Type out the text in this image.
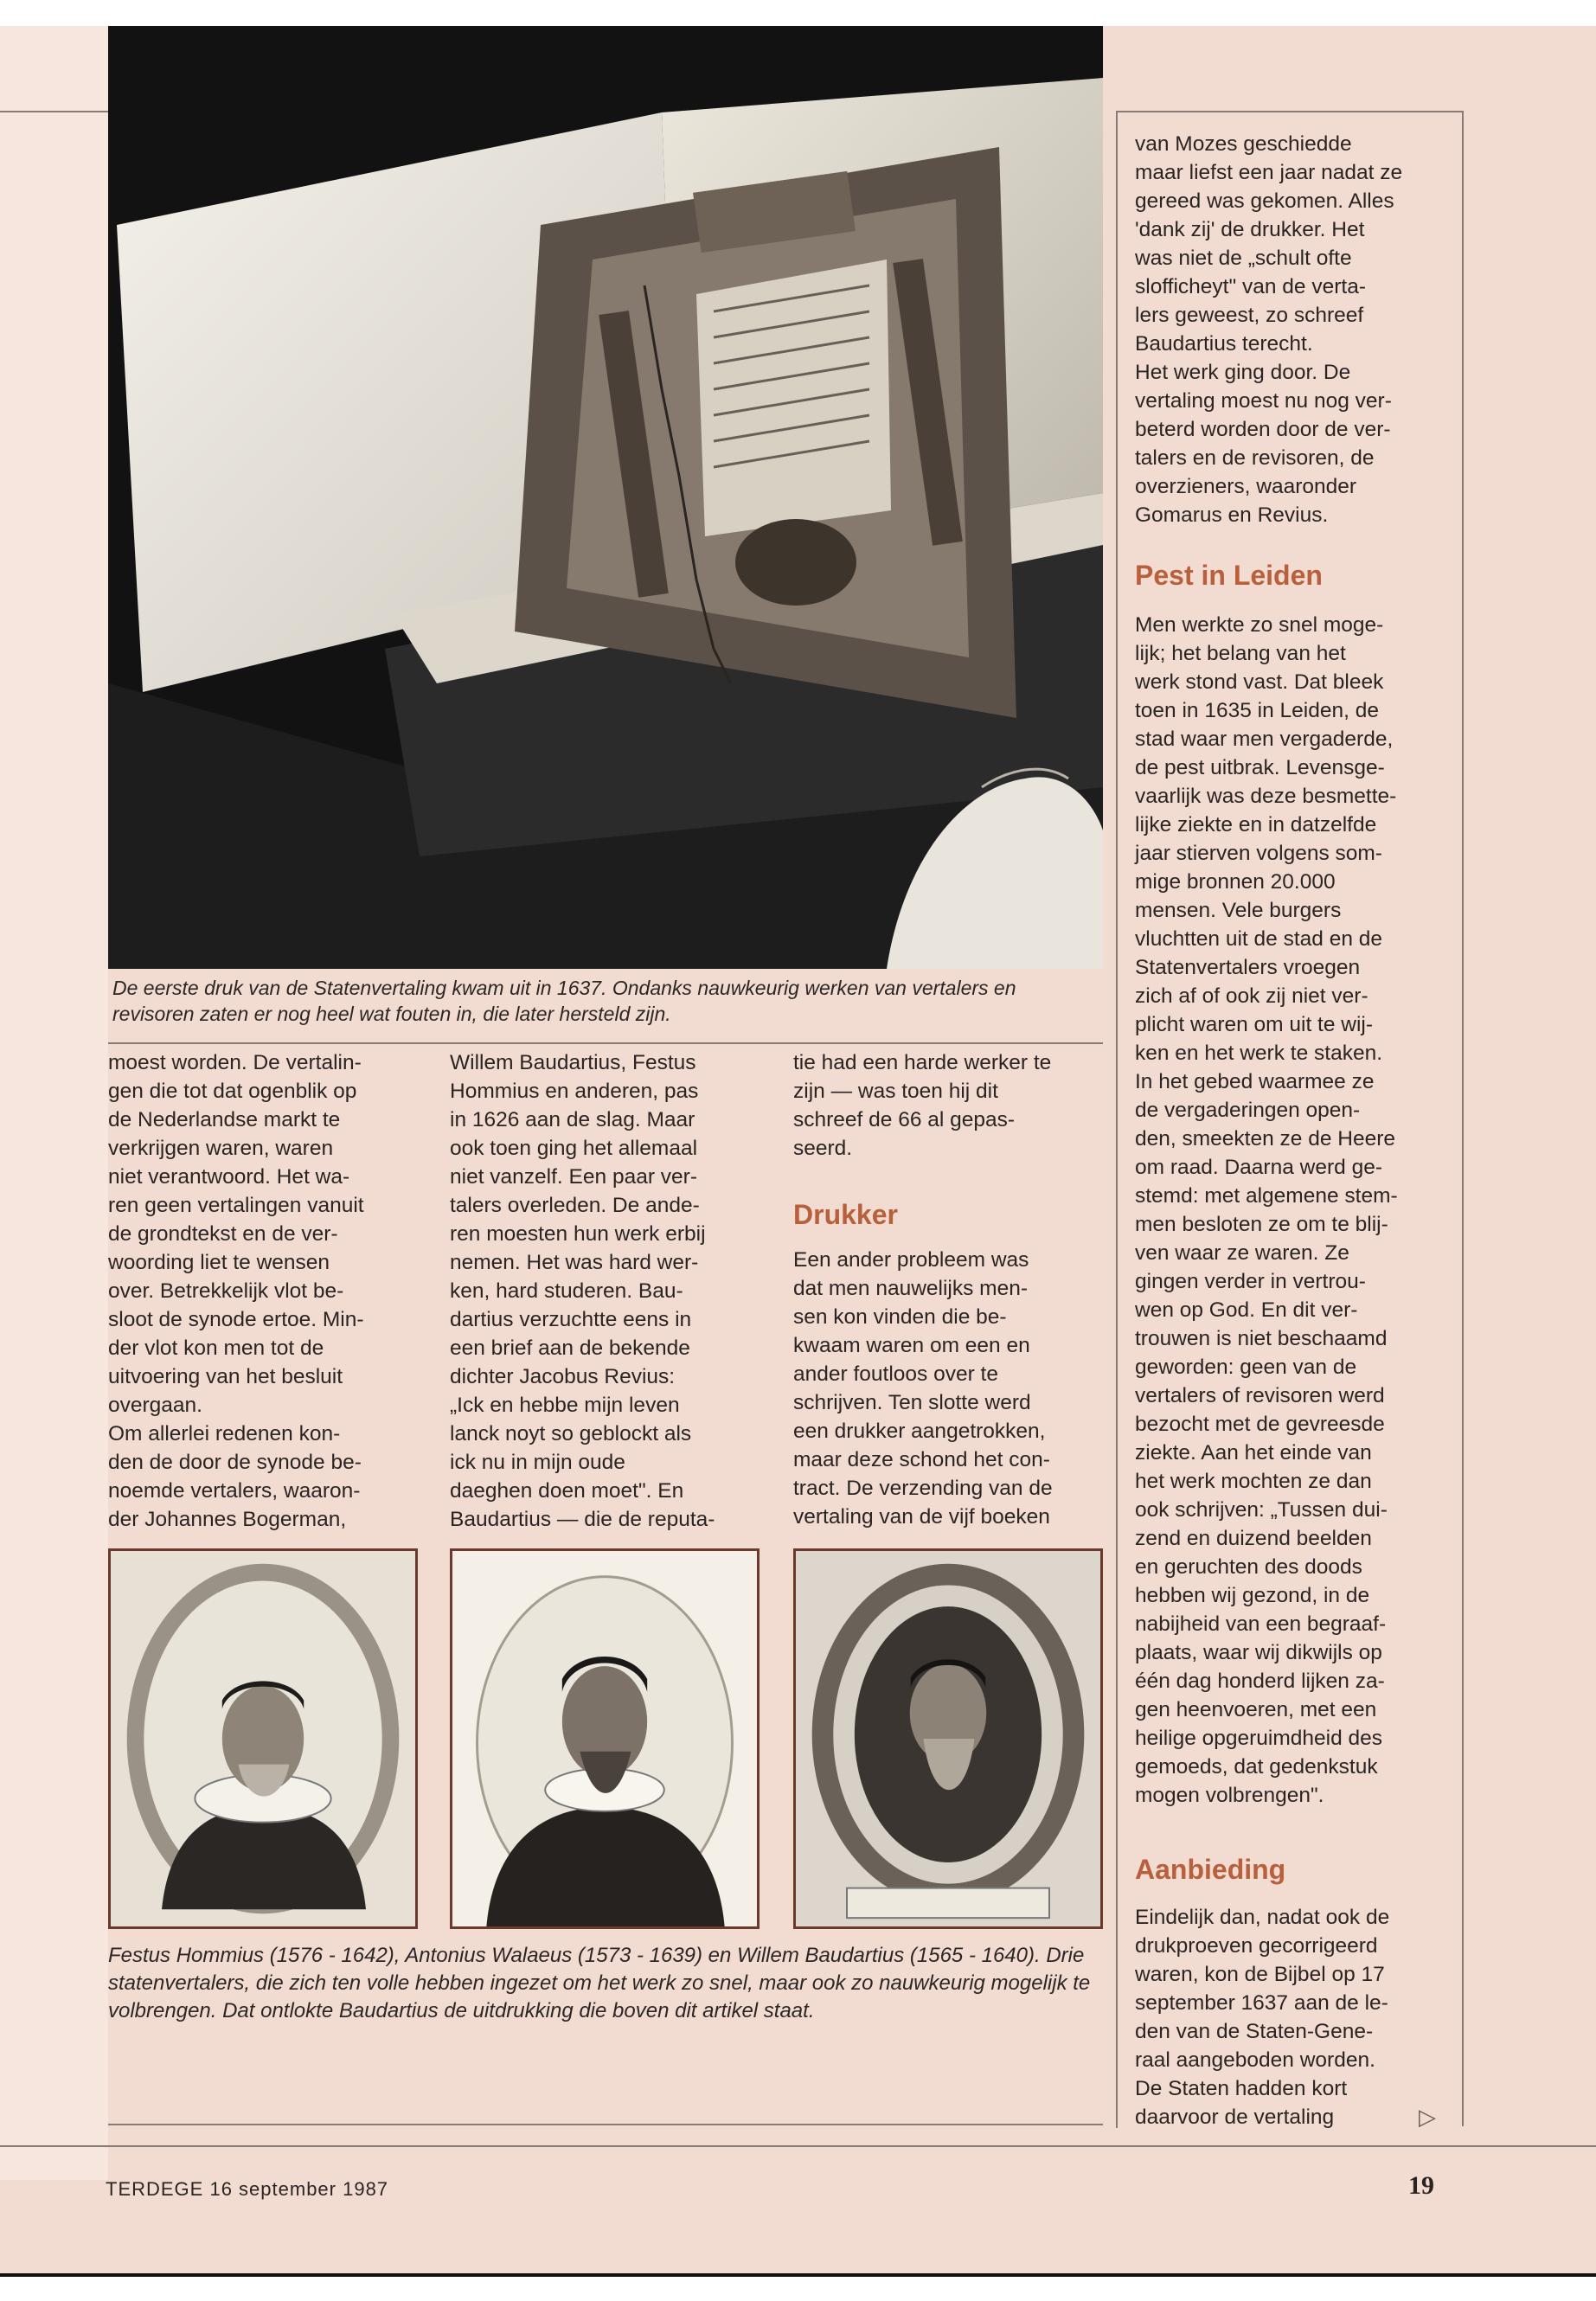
De eerste druk van de Statenvertaling kwam uit in 1637. Ondanks nauwkeurig werken van vertalers en revisoren zaten er nog heel wat fouten in, die later hersteld zijn.
moest worden. De vertalin-
gen die tot dat ogenblik op
de Nederlandse markt te
verkrijgen waren, waren
niet verantwoord. Het wa-
ren geen vertalingen vanuit
de grondtekst en de ver-
woording liet te wensen
over. Betrekkelijk vlot be-
sloot de synode ertoe. Min-
der vlot kon men tot de
uitvoering van het besluit
overgaan.
Om allerlei redenen kon-
den de door de synode be-
noemde vertalers, waaron-
der Johannes Bogerman,
Willem Baudartius, Festus
Hommius en anderen, pas
in 1626 aan de slag. Maar
ook toen ging het allemaal
niet vanzelf. Een paar ver-
talers overleden. De ande-
ren moesten hun werk erbij
nemen. Het was hard wer-
ken, hard studeren. Bau-
dartius verzuchtte eens in
een brief aan de bekende
dichter Jacobus Revius:
„Ick en hebbe mijn leven
lanck noyt so geblockt als
ick nu in mijn oude
daeghen doen moet". En
Baudartius — die de reputa-
tie had een harde werker te
zijn — was toen hij dit
schreef de 66 al gepas-
seerd.
Drukker
Een ander probleem was
dat men nauwelijks men-
sen kon vinden die be-
kwaam waren om een en
ander foutloos over te
schrijven. Ten slotte werd
een drukker aangetrokken,
maar deze schond het con-
tract. De verzending van de
vertaling van de vijf boeken
van Mozes geschiedde
maar liefst een jaar nadat ze
gereed was gekomen. Alles
'dank zij' de drukker. Het
was niet de „schult ofte
slofficheyt" van de verta-
lers geweest, zo schreef
Baudartius terecht.
Het werk ging door. De
vertaling moest nu nog ver-
beterd worden door de ver-
talers en de revisoren, de
overzieners, waaronder
Gomarus en Revius.
Pest in Leiden
Men werkte zo snel moge-
lijk; het belang van het
werk stond vast. Dat bleek
toen in 1635 in Leiden, de
stad waar men vergaderde,
de pest uitbrak. Levensge-
vaarlijk was deze besmette-
lijke ziekte en in datzelfde
jaar stierven volgens som-
mige bronnen 20.000
mensen. Vele burgers
vluchtten uit de stad en de
Statenvertalers vroegen
zich af of ook zij niet ver-
plicht waren om uit te wij-
ken en het werk te staken.
In het gebed waarmee ze
de vergaderingen open-
den, smeekten ze de Heere
om raad. Daarna werd ge-
stemd: met algemene stem-
men besloten ze om te blij-
ven waar ze waren. Ze
gingen verder in vertrou-
wen op God. En dit ver-
trouwen is niet beschaamd
geworden: geen van de
vertalers of revisoren werd
bezocht met de gevreesde
ziekte. Aan het einde van
het werk mochten ze dan
ook schrijven: „Tussen dui-
zend en duizend beelden
en geruchten des doods
hebben wij gezond, in de
nabijheid van een begraaf-
plaats, waar wij dikwijls op
één dag honderd lijken za-
gen heenvoeren, met een
heilige opgeruimdheid des
gemoeds, dat gedenkstuk
mogen volbrengen".
Aanbieding
Eindelijk dan, nadat ook de
drukproeven gecorrigeerd
waren, kon de Bijbel op 17
september 1637 aan de le-
den van de Staten-Gene-
raal aangeboden worden.
De Staten hadden kort
daarvoor de vertaling	▷
Festus Hommius (1576 - 1642), Antonius Walaeus (1573 - 1639) en Willem Baudartius (1565 - 1640). Drie statenvertalers, die zich ten volle hebben ingezet om het werk zo snel, maar ook zo nauwkeurig mogelijk te volbrengen. Dat ontlokte Baudartius de uitdrukking die boven dit artikel staat.
TERDEGE 16 september 1987	19
